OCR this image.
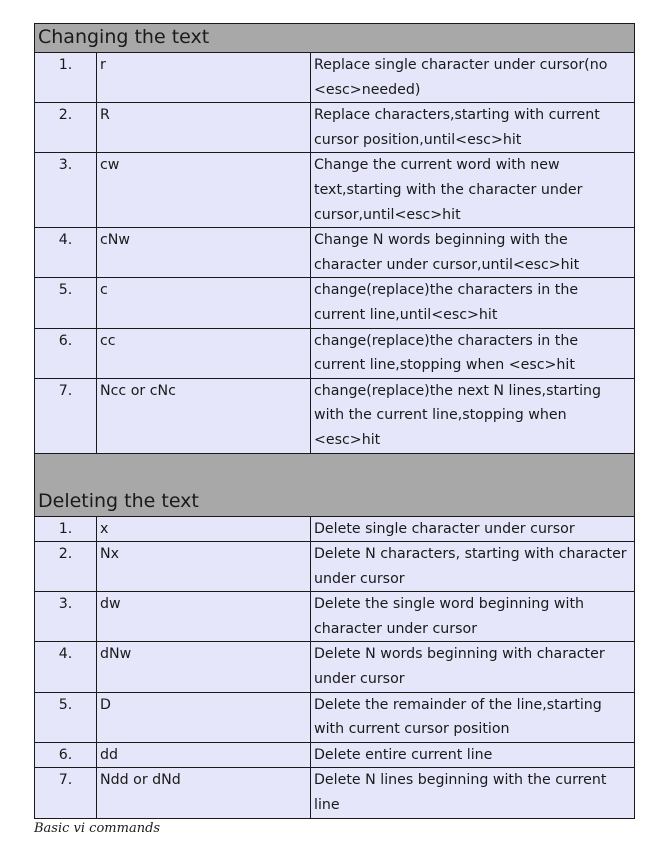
Changing the text		
1.	r	Replace single character under cursor(no <esc>needed)
2.	R	Replace characters,starting with current cursor position,until<esc>hit
3.	cw	Change the current word with new text,starting with the character under cursor,until<esc>hit
4.	cNw	Change N words beginning with the character under cursor,until<esc>hit
5.	c	change(replace)the characters in the current line,until<esc>hit
6.	cc	change(replace)the characters in the current line,stopping when <esc>hit
7.	Ncc or cNc	change(replace)the next N lines,starting with the current line,stopping when <esc>hit

Deleting the text		
1.	x	Delete single character under cursor
2.	Nx	Delete N characters, starting with character under cursor
3.	dw	Delete the single word beginning with character under cursor
4.	dNw	Delete N words beginning with character under cursor
5.	D	Delete the remainder of the line,starting with current cursor position
6.	dd	Delete entire current line
7.	Ndd or dNd	Delete N lines beginning with the current line
Basic vi commands
